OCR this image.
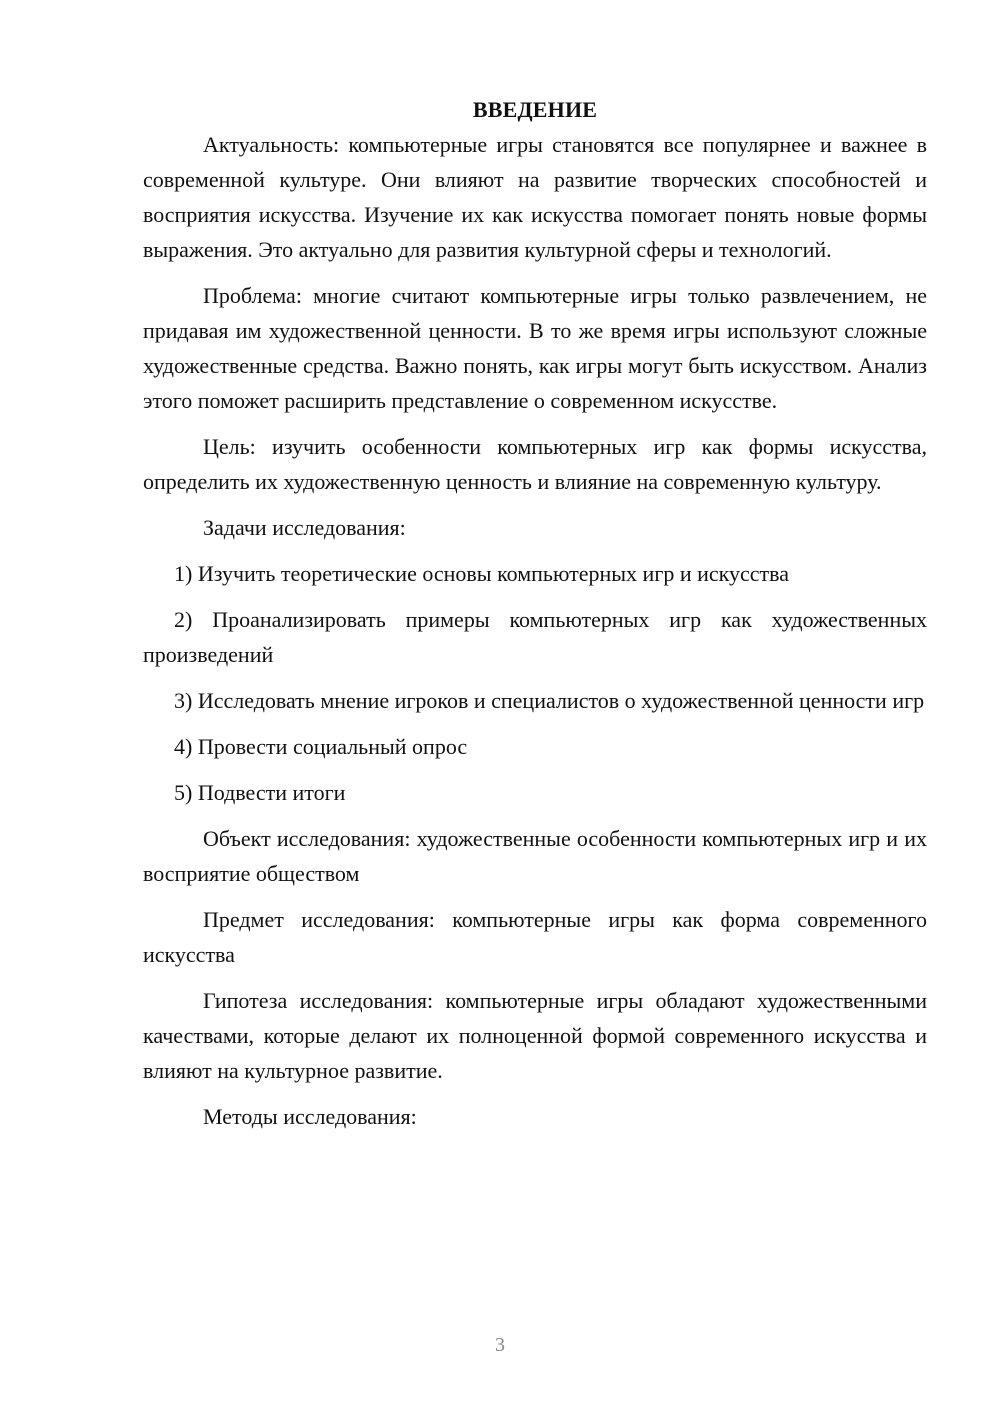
ВВЕДЕНИЕ

Актуальность: компьютерные игры становятся все популярнее и важнее в современной культуре. Они влияют на развитие творческих способностей и восприятия искусства. Изучение их как искусства помогает понять новые формы выражения. Это актуально для развития культурной сферы и технологий.

Проблема: многие считают компьютерные игры только развлечением, не придавая им художественной ценности. В то же время игры используют сложные художественные средства. Важно понять, как игры могут быть искусством. Анализ этого поможет расширить представление о современном искусстве.

Цель: изучить особенности компьютерных игр как формы искусства, определить их художественную ценность и влияние на современную культуру.

Задачи исследования:

1) Изучить теоретические основы компьютерных игр и искусства

2) Проанализировать примеры компьютерных игр как художественных произведений

3) Исследовать мнение игроков и специалистов о художественной ценности игр

4) Провести социальный опрос

5) Подвести итоги

Объект исследования: художественные особенности компьютерных игр и их восприятие обществом

Предмет исследования: компьютерные игры как форма современного искусства

Гипотеза исследования: компьютерные игры обладают художественными качествами, которые делают их полноценной формой современного искусства и влияют на культурное развитие.

Методы исследования:

3
